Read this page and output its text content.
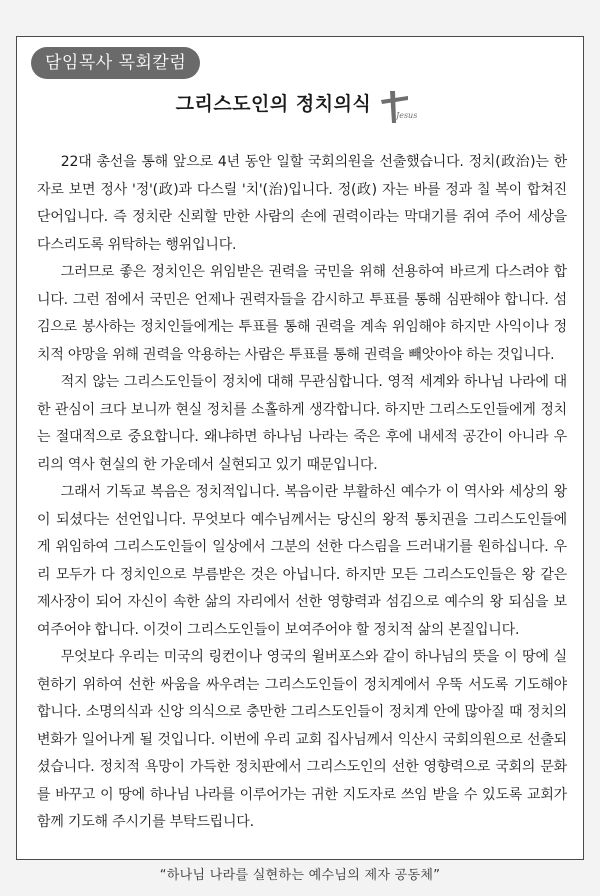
담임목사 목회칼럼
그리스도인의 정치의식
Jesus

22대 총선을 통해 앞으로 4년 동안 일할 국회의원을 선출했습니다. 정치(政治)는 한자로 보면 정사 '정'(政)과 다스릴 '치'(治)입니다. 정(政) 자는 바를 정과 칠 복이 합쳐진 단어입니다. 즉 정치란 신뢰할 만한 사람의 손에 권력이라는 막대기를 쥐여 주어 세상을 다스리도록 위탁하는 행위입니다.

그러므로 좋은 정치인은 위임받은 권력을 국민을 위해 선용하여 바르게 다스려야 합니다. 그런 점에서 국민은 언제나 권력자들을 감시하고 투표를 통해 심판해야 합니다. 섬김으로 봉사하는 정치인들에게는 투표를 통해 권력을 계속 위임해야 하지만 사익이나 정치적 야망을 위해 권력을 악용하는 사람은 투표를 통해 권력을 빼앗아야 하는 것입니다.

적지 않는 그리스도인들이 정치에 대해 무관심합니다. 영적 세계와 하나님 나라에 대한 관심이 크다 보니까 현실 정치를 소홀하게 생각합니다. 하지만 그리스도인들에게 정치는 절대적으로 중요합니다. 왜냐하면 하나님 나라는 죽은 후에 내세적 공간이 아니라 우리의 역사 현실의 한 가운데서 실현되고 있기 때문입니다.

그래서 기독교 복음은 정치적입니다. 복음이란 부활하신 예수가 이 역사와 세상의 왕이 되셨다는 선언입니다. 무엇보다 예수님께서는 당신의 왕적 통치권을 그리스도인들에게 위임하여 그리스도인들이 일상에서 그분의 선한 다스림을 드러내기를 원하십니다. 우리 모두가 다 정치인으로 부름받은 것은 아닙니다. 하지만 모든 그리스도인들은 왕 같은 제사장이 되어 자신이 속한 삶의 자리에서 선한 영향력과 섬김으로 예수의 왕 되심을 보여주어야 합니다. 이것이 그리스도인들이 보여주어야 할 정치적 삶의 본질입니다.

무엇보다 우리는 미국의 링컨이나 영국의 윌버포스와 같이 하나님의 뜻을 이 땅에 실현하기 위하여 선한 싸움을 싸우려는 그리스도인들이 정치계에서 우뚝 서도록 기도해야 합니다. 소명의식과 신앙 의식으로 충만한 그리스도인들이 정치계 안에 많아질 때 정치의 변화가 일어나게 될 것입니다. 이번에 우리 교회 집사님께서 익산시 국회의원으로 선출되셨습니다. 정치적 욕망이 가득한 정치판에서 그리스도인의 선한 영향력으로 국회의 문화를 바꾸고 이 땅에 하나님 나라를 이루어가는 귀한 지도자로 쓰임 받을 수 있도록 교회가 함께 기도해 주시기를 부탁드립니다.

“하나님 나라를 실현하는 예수님의 제자 공동체”
